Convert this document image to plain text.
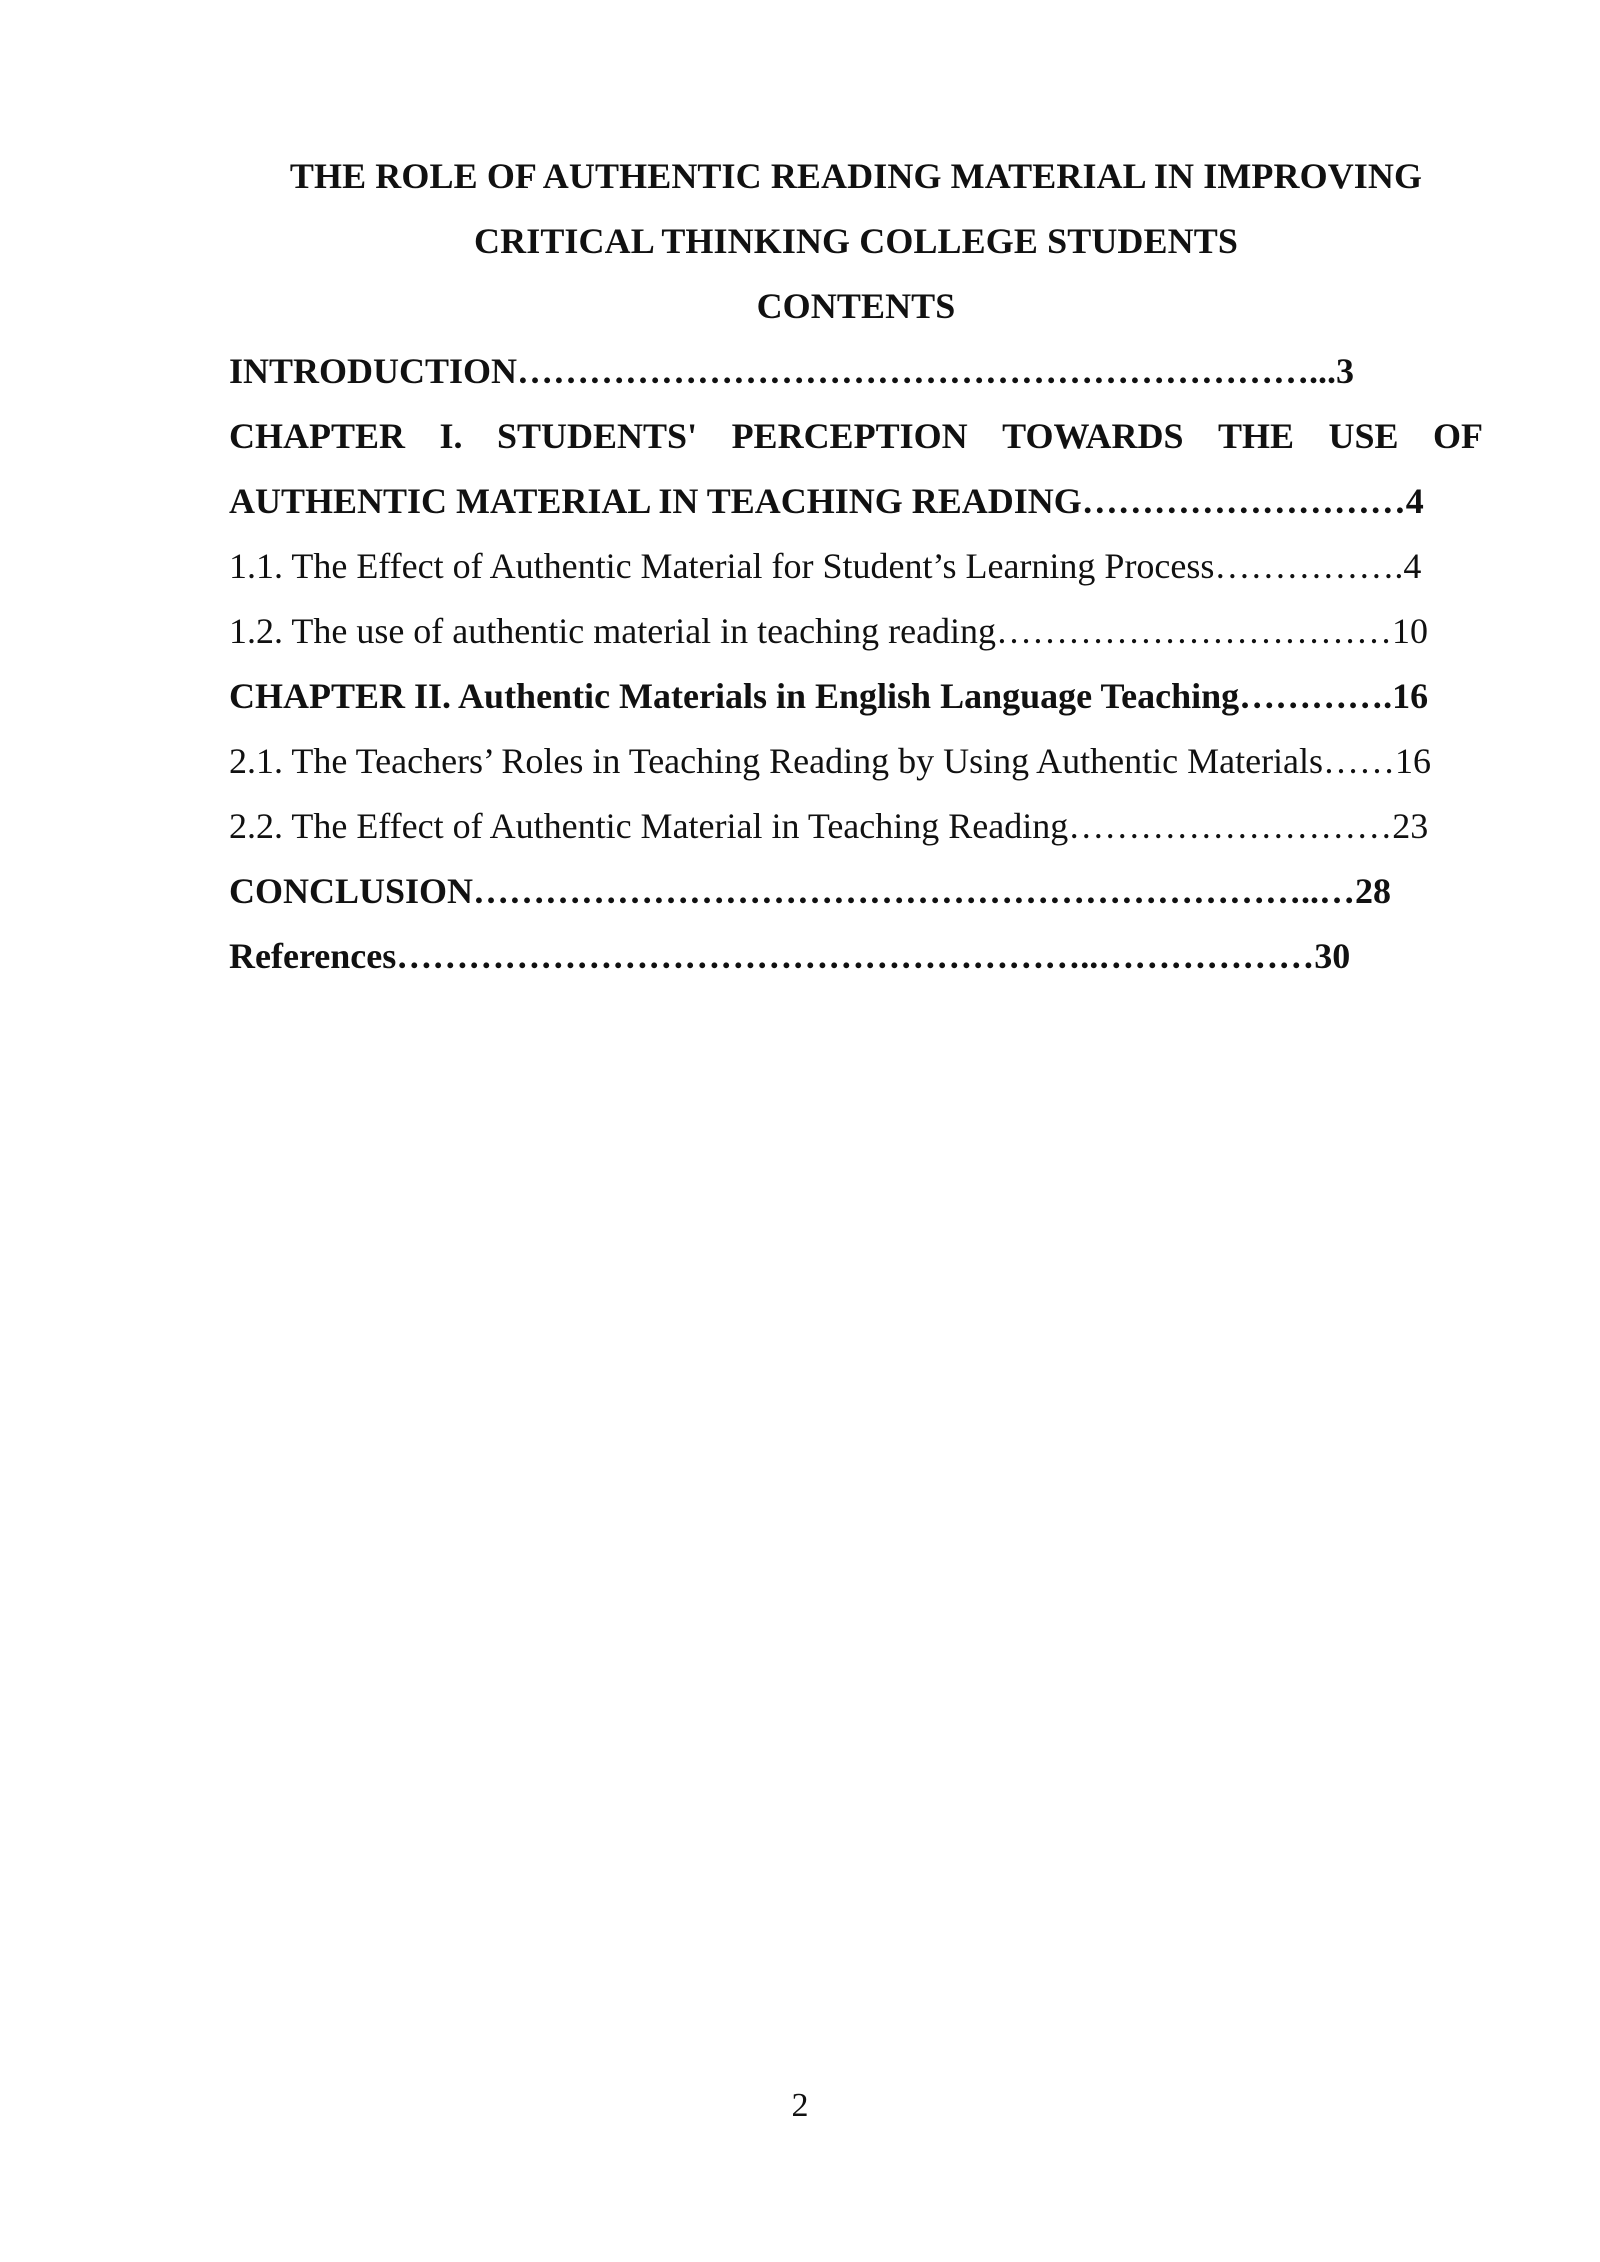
THE ROLE OF AUTHENTIC READING MATERIAL IN IMPROVING
CRITICAL THINKING COLLEGE STUDENTS
CONTENTS
INTRODUCTION…………………………………………………………...3
CHAPTER I. STUDENTS' PERCEPTION TOWARDS THE USE OF
AUTHENTIC MATERIAL IN TEACHING READING………………………4
1.1. The Effect of Authentic Material for Student’s Learning Process…………….4
1.2. The use of authentic material in teaching reading……………………………10
CHAPTER II. Authentic Materials in English Language Teaching………….16
2.1. The Teachers’ Roles in Teaching Reading by Using Authentic Materials……16
2.2. The Effect of Authentic Material in Teaching Reading………………………23
CONCLUSION……………………………………………………………..…28
References…………………………………………………..………………30
2
